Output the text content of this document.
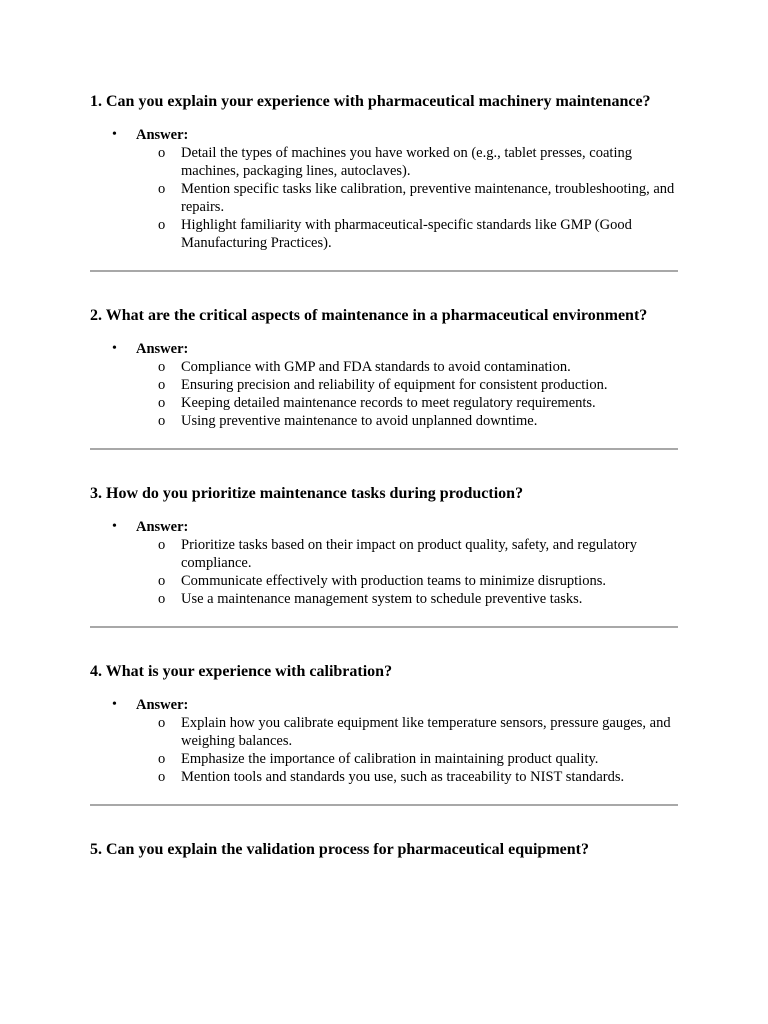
1. Can you explain your experience with pharmaceutical machinery maintenance?
• Answer:
o Detail the types of machines you have worked on (e.g., tablet presses, coating machines, packaging lines, autoclaves).
o Mention specific tasks like calibration, preventive maintenance, troubleshooting, and repairs.
o Highlight familiarity with pharmaceutical-specific standards like GMP (Good Manufacturing Practices).
2. What are the critical aspects of maintenance in a pharmaceutical environment?
• Answer:
o Compliance with GMP and FDA standards to avoid contamination.
o Ensuring precision and reliability of equipment for consistent production.
o Keeping detailed maintenance records to meet regulatory requirements.
o Using preventive maintenance to avoid unplanned downtime.
3. How do you prioritize maintenance tasks during production?
• Answer:
o Prioritize tasks based on their impact on product quality, safety, and regulatory compliance.
o Communicate effectively with production teams to minimize disruptions.
o Use a maintenance management system to schedule preventive tasks.
4. What is your experience with calibration?
• Answer:
o Explain how you calibrate equipment like temperature sensors, pressure gauges, and weighing balances.
o Emphasize the importance of calibration in maintaining product quality.
o Mention tools and standards you use, such as traceability to NIST standards.
5. Can you explain the validation process for pharmaceutical equipment?
